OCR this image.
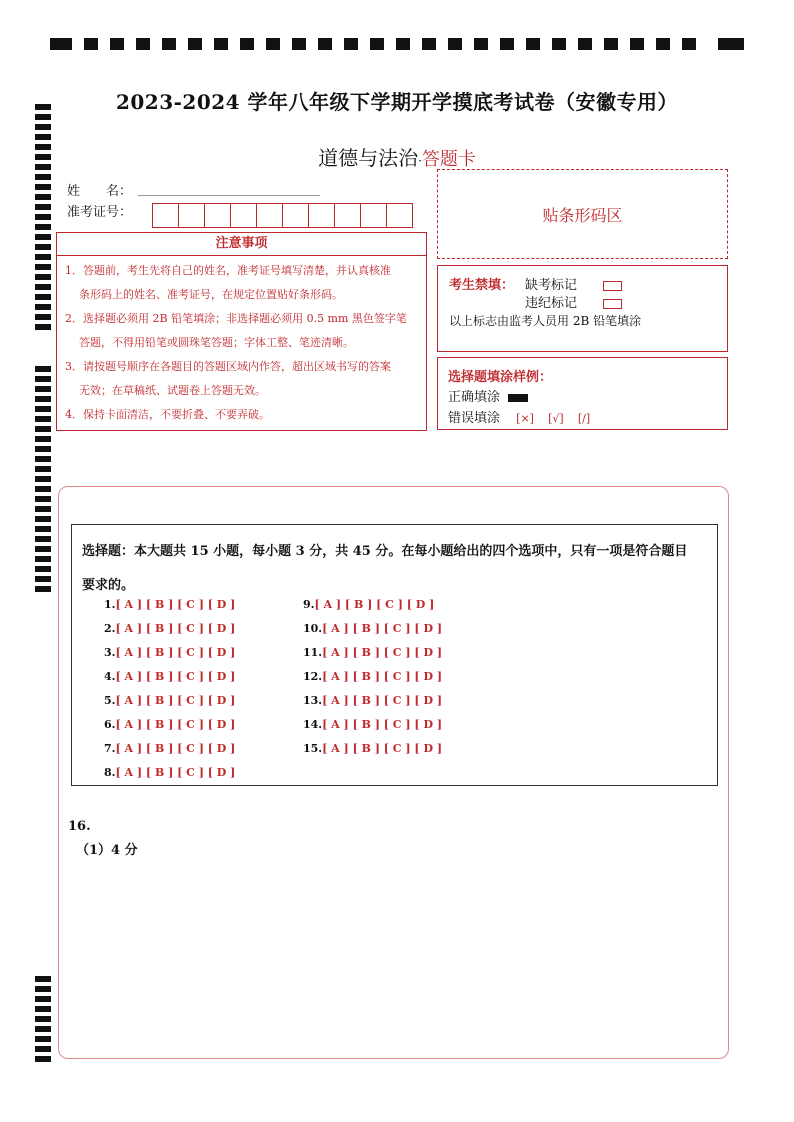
2023-2024 学年八年级下学期开学摸底考试卷（安徽专用）
道德与法治·答题卡
姓　　名：
准考证号：	贴条形码区
注意事项
1．答题前，考生先将自己的姓名，准考证号填写清楚，并认真核准
条形码上的姓名、准考证号，在规定位置贴好条形码。
2．选择题必须用 2B 铅笔填涂；非选择题必须用 0.5 mm 黑色签字笔
答题，不得用铅笔或圆珠笔答题；字体工整、笔迹清晰。
3．请按题号顺序在各题目的答题区域内作答，超出区域书写的答案
无效；在草稿纸、试题卷上答题无效。
4．保持卡面清洁，不要折叠、不要弄破。
考生禁填： 缺考标记
违纪标记
以上标志由监考人员用 2B 铅笔填涂
选择题填涂样例：
正确填涂
错误填涂 [×] [√] [/]
选择题：本大题共 15 小题，每小题 3 分，共 45 分。在每小题给出的四个选项中，只有一项是符合题目
要求的。
1.[ A ] [ B ] [ C ] [ D ]
2.[ A ] [ B ] [ C ] [ D ]
3.[ A ] [ B ] [ C ] [ D ]
4.[ A ] [ B ] [ C ] [ D ]
5.[ A ] [ B ] [ C ] [ D ]
6.[ A ] [ B ] [ C ] [ D ]
7.[ A ] [ B ] [ C ] [ D ]
8.[ A ] [ B ] [ C ] [ D ]
9.[ A ] [ B ] [ C ] [ D ]
10.[ A ] [ B ] [ C ] [ D ]
11.[ A ] [ B ] [ C ] [ D ]
12.[ A ] [ B ] [ C ] [ D ]
13.[ A ] [ B ] [ C ] [ D ]
14.[ A ] [ B ] [ C ] [ D ]
15.[ A ] [ B ] [ C ] [ D ]
16.
（1）4 分
